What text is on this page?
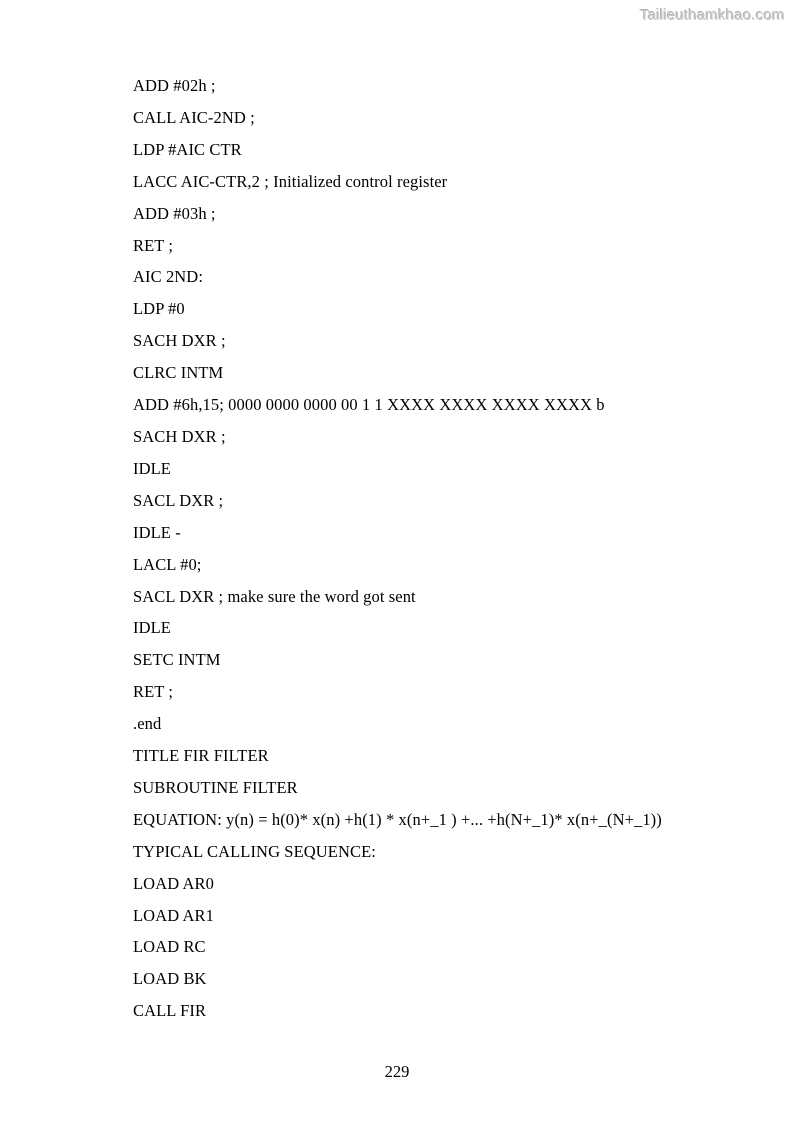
Tailieuthamkhao.com
ADD #02h ;
CALL AIC-2ND ;
LDP #AIC CTR
LACC AIC-CTR,2 ; Initialized control register
ADD #03h ;
RET ;
AIC 2ND:
LDP #0
SACH DXR ;
CLRC INTM
ADD #6h,15; 0000 0000 0000 00 1 1 XXXX XXXX XXXX XXXX b
SACH DXR ;
IDLE
SACL DXR ;
IDLE -
LACL #0;
SACL DXR ; make sure the word got sent
IDLE
SETC INTM
RET ;
.end
TITLE FIR FILTER
SUBROUTINE FILTER
EQUATION: y(n) = h(0)* x(n) +h(1) * x(n+_1 ) +... +h(N+_1)* x(n+_(N+_1))
TYPICAL CALLING SEQUENCE:
LOAD AR0
LOAD AR1
LOAD RC
LOAD BK
CALL FIR
229
